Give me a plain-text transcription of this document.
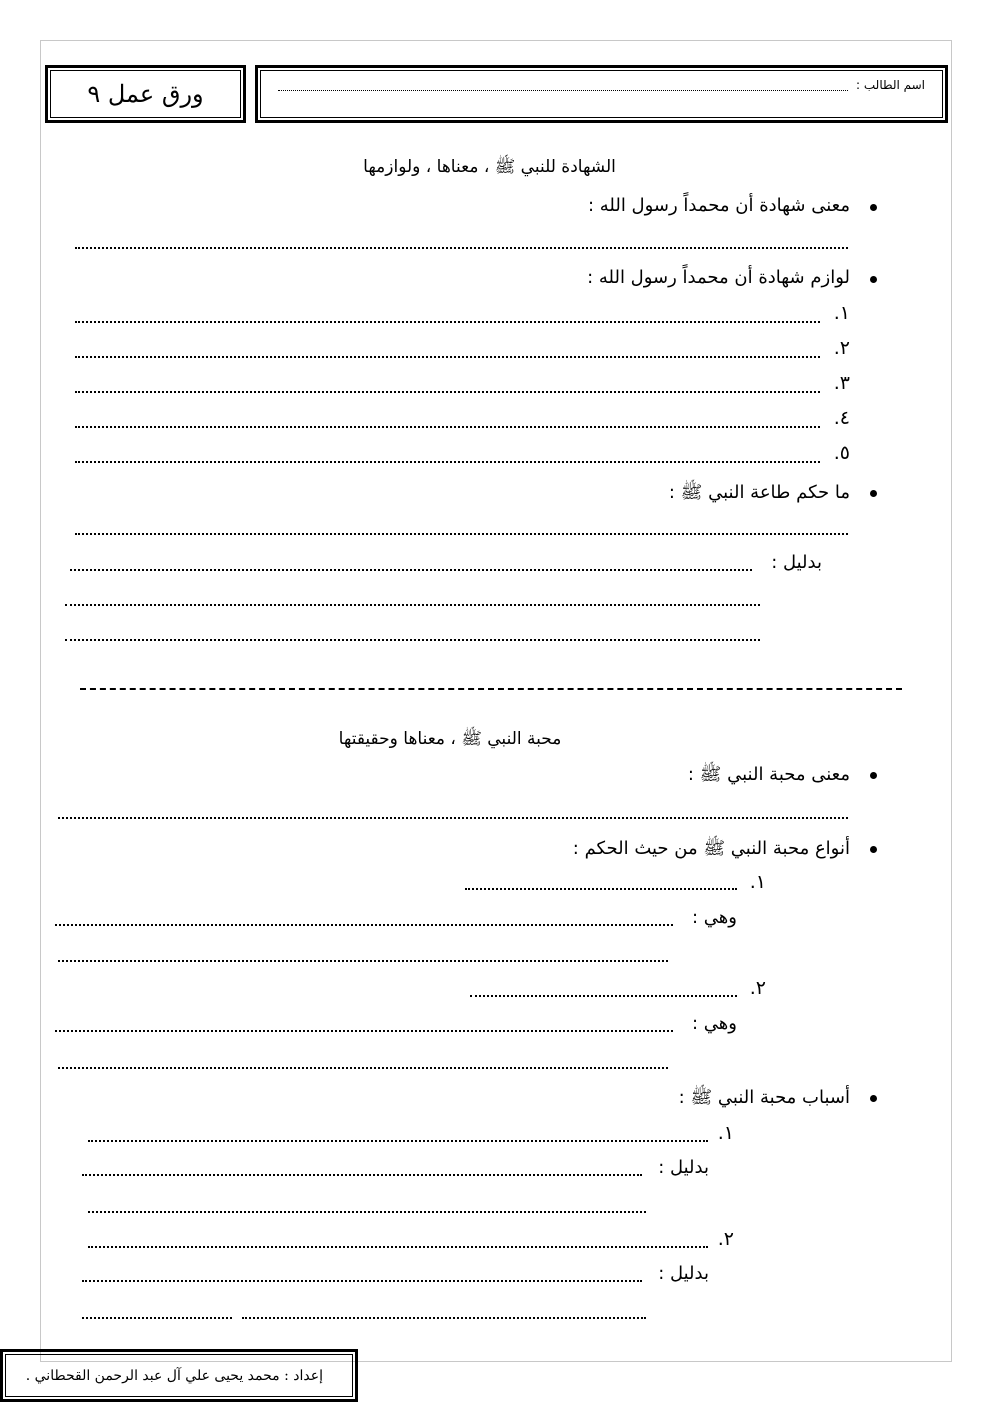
ورق عمل ٩	اسم الطالب :
الشهادة للنبي ﷺ ، معناها ، ولوازمها
معنى شهادة أن محمداً رسول الله :
لوازم شهادة أن محمداً رسول الله :
١.
٢.
٣.
٤.
٥.
ما حكم طاعة النبي ﷺ :
بدليل :
محبة النبي ﷺ ، معناها وحقيقتها
معنى محبة النبي ﷺ :
أنواع محبة النبي ﷺ من حيث الحكم :
١.
وهي :
٢.
وهي :
أسباب محبة النبي ﷺ :
١.
بدليل :
٢.
بدليل :
إعداد : محمد يحيى علي آل عبد الرحمن القحطاني .
